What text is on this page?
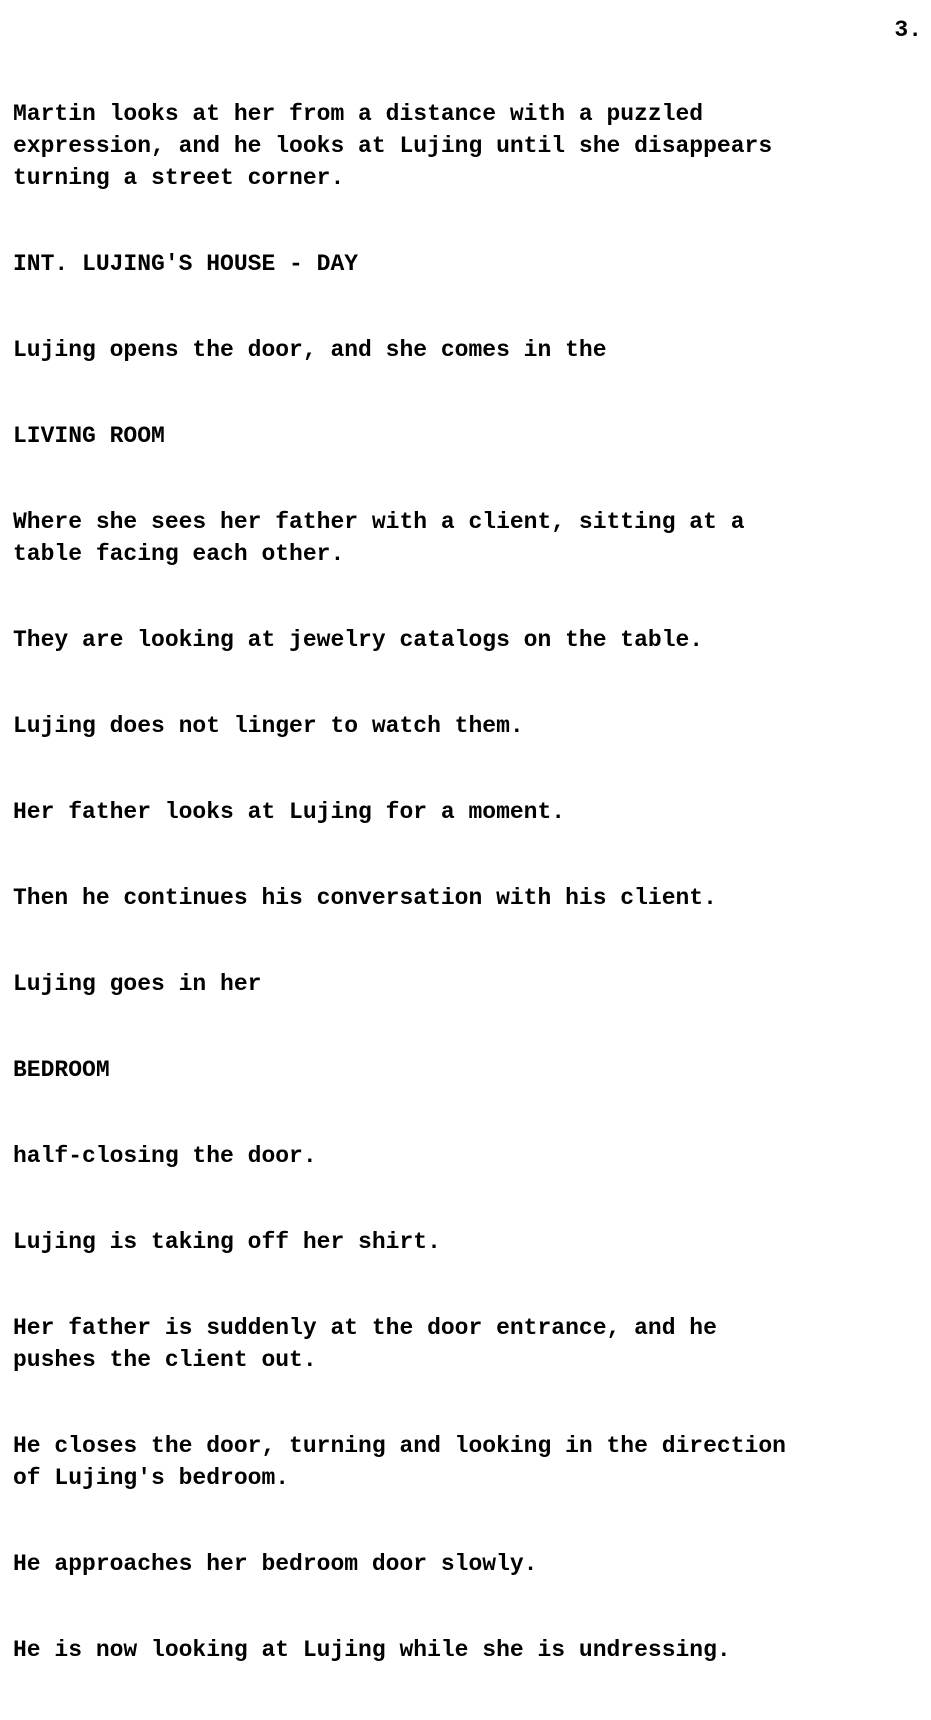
3.

Martin looks at her from a distance with a puzzled
expression, and he looks at Lujing until she disappears
turning a street corner.

INT. LUJING'S HOUSE - DAY

Lujing opens the door, and she comes in the

LIVING ROOM

Where she sees her father with a client, sitting at a
table facing each other.

They are looking at jewelry catalogs on the table.

Lujing does not linger to watch them.

Her father looks at Lujing for a moment.

Then he continues his conversation with his client.

Lujing goes in her

BEDROOM

half-closing the door.

Lujing is taking off her shirt.

Her father is suddenly at the door entrance, and he
pushes the client out.

He closes the door, turning and looking in the direction
of Lujing's bedroom.

He approaches her bedroom door slowly.

He is now looking at Lujing while she is undressing.
